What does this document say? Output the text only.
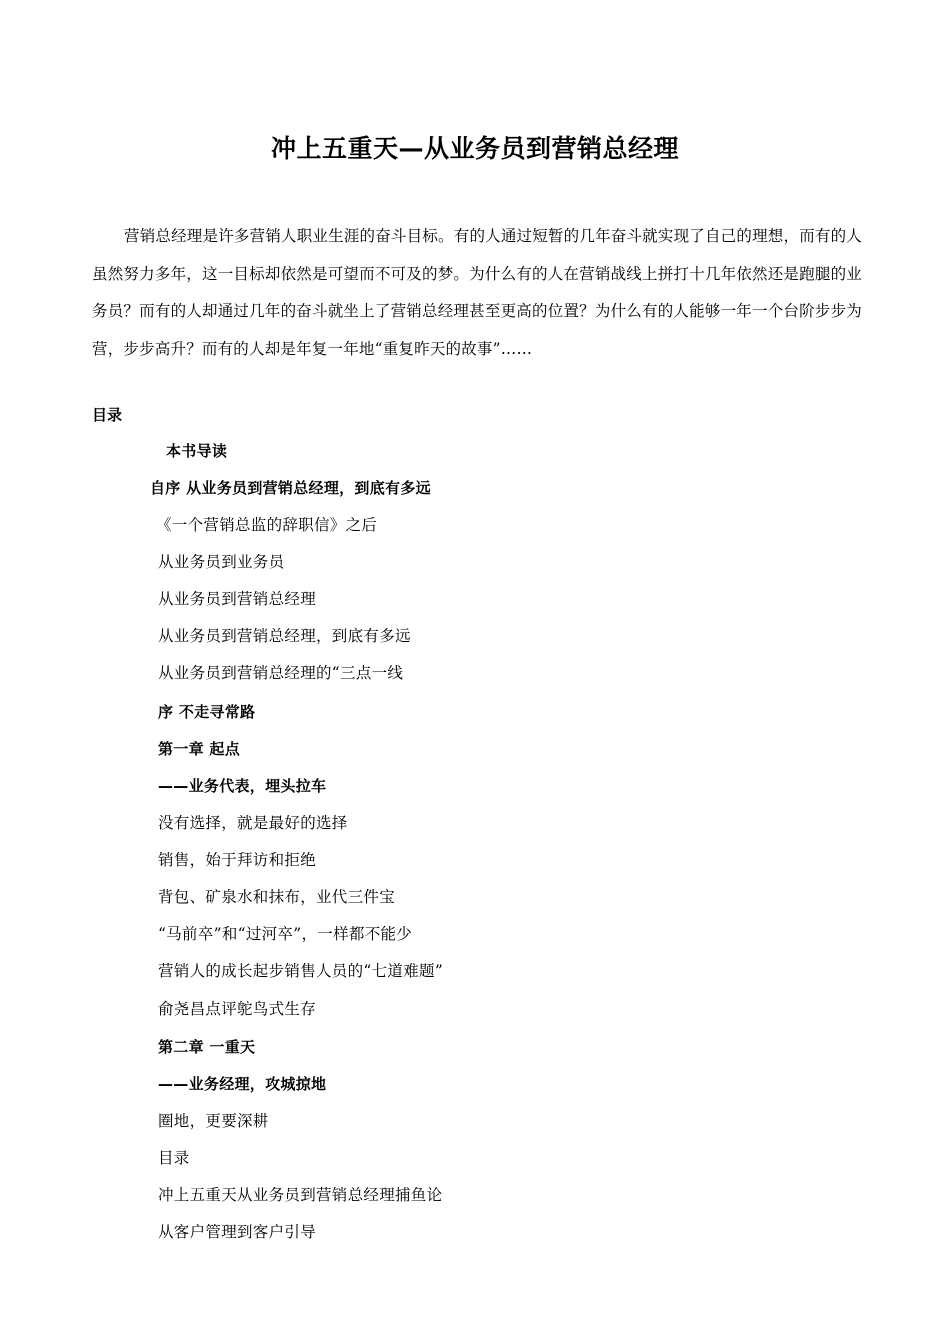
冲上五重天—从业务员到营销总经理

营销总经理是许多营销人职业生涯的奋斗目标。有的人通过短暂的几年奋斗就实现了自己的理想，而有的人虽然努力多年，这一目标却依然是可望而不可及的梦。为什么有的人在营销战线上拼打十几年依然还是跑腿的业务员？而有的人却通过几年的奋斗就坐上了营销总经理甚至更高的位置？为什么有的人能够一年一个台阶步步为营，步步高升？而有的人却是年复一年地“重复昨天的故事”……

目录
本书导读
自序 从业务员到营销总经理，到底有多远
《一个营销总监的辞职信》之后
从业务员到业务员
从业务员到营销总经理
从业务员到营销总经理，到底有多远
从业务员到营销总经理的“三点一线
序 不走寻常路
第一章 起点
——业务代表，埋头拉车
没有选择，就是最好的选择
销售，始于拜访和拒绝
背包、矿泉水和抹布，业代三件宝
“马前卒”和“过河卒”，一样都不能少
营销人的成长起步销售人员的“七道难题”
俞尧昌点评鸵鸟式生存
第二章 一重天
——业务经理，攻城掠地
圈地，更要深耕
目录
冲上五重天从业务员到营销总经理捕鱼论
从客户管理到客户引导
